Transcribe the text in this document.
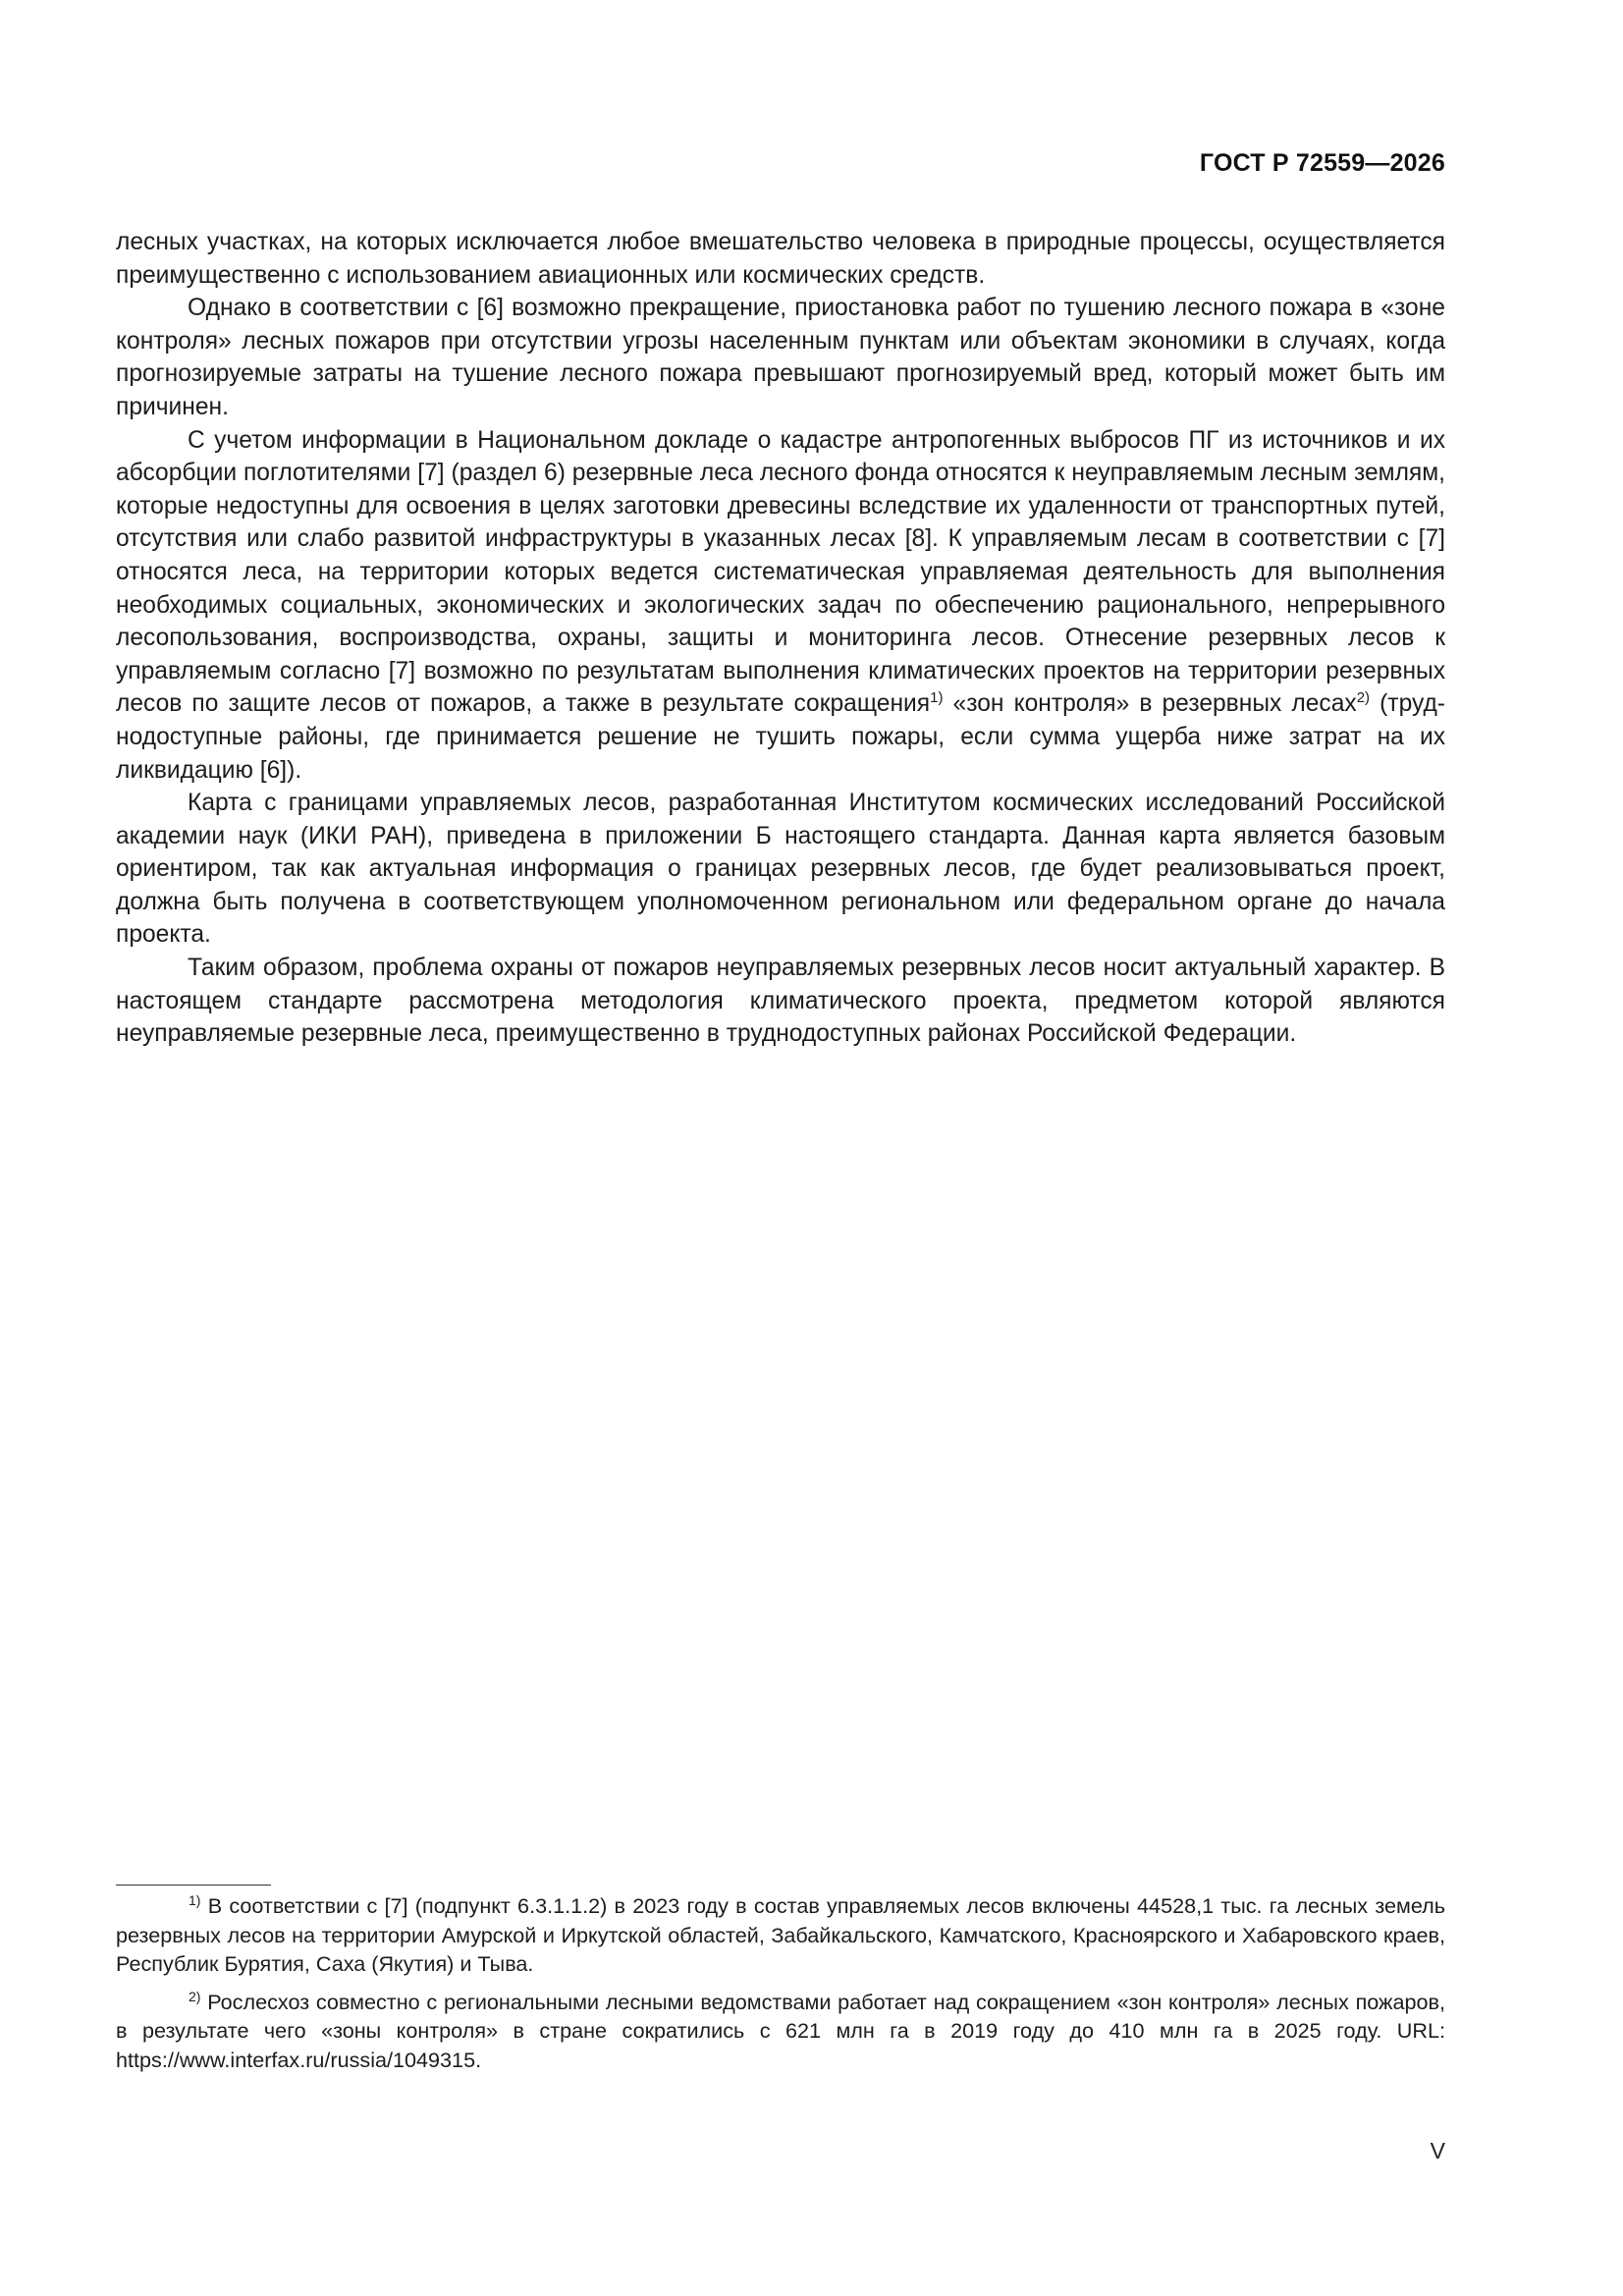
ГОСТ Р 72559—2026

лесных участках, на которых исключается любое вмешательство человека в природные процессы, осуществляется преимущественно с использованием авиационных или космических средств.

Однако в соответствии с [6] возможно прекращение, приостановка работ по тушению лесного пожара в «зоне контроля» лесных пожаров при отсутствии угрозы населенным пунктам или объектам экономики в случаях, когда прогнозируемые затраты на тушение лесного пожара превышают прогнозируемый вред, который может быть им причинен.

С учетом информации в Национальном докладе о кадастре антропогенных выбросов ПГ из источников и их абсорбции поглотителями [7] (раздел 6) резервные леса лесного фонда относятся к неуправляемым лесным землям, которые недоступны для освоения в целях заготовки древесины вследствие их удаленности от транспортных путей, отсутствия или слабо развитой инфраструктуры в указанных лесах [8]. К управляемым лесам в соответствии с [7] относятся леса, на территории которых ведется систематическая управляемая деятельность для выполнения необходимых социальных, экономических и экологических задач по обеспечению рационального, непрерывного лесопользования, воспроизводства, охраны, защиты и мониторинга лесов. Отнесение резервных лесов к управляемым согласно [7] возможно по результатам выполнения климатических проектов на территории резервных лесов по защите лесов от пожаров, а также в результате сокращения$^{1)}$ «зон контроля» в резервных лесах$^{2)}$ (труднодоступные районы, где принимается решение не тушить пожары, если сумма ущерба ниже затрат на их ликвидацию [6]).

Карта с границами управляемых лесов, разработанная Институтом космических исследований Российской академии наук (ИКИ РАН), приведена в приложении Б настоящего стандарта. Данная карта является базовым ориентиром, так как актуальная информация о границах резервных лесов, где будет реализовываться проект, должна быть получена в соответствующем уполномоченном региональном или федеральном органе до начала проекта.

Таким образом, проблема охраны от пожаров неуправляемых резервных лесов носит актуальный характер. В настоящем стандарте рассмотрена методология климатического проекта, предметом которой являются неуправляемые резервные леса, преимущественно в труднодоступных районах Российской Федерации.

$^{1)}$ В соответствии с [7] (подпункт 6.3.1.1.2) в 2023 году в состав управляемых лесов включены 44528,1 тыс. га лесных земель резервных лесов на территории Амурской и Иркутской областей, Забайкальского, Камчатского, Красноярского и Хабаровского краев, Республик Бурятия, Саха (Якутия) и Тыва.

$^{2)}$ Рослесхоз совместно с региональными лесными ведомствами работает над сокращением «зон контроля» лесных пожаров, в результате чего «зоны контроля» в стране сократились с 621 млн га в 2019 году до 410 млн га в 2025 году. URL: https://www.interfax.ru/russia/1049315.

V
